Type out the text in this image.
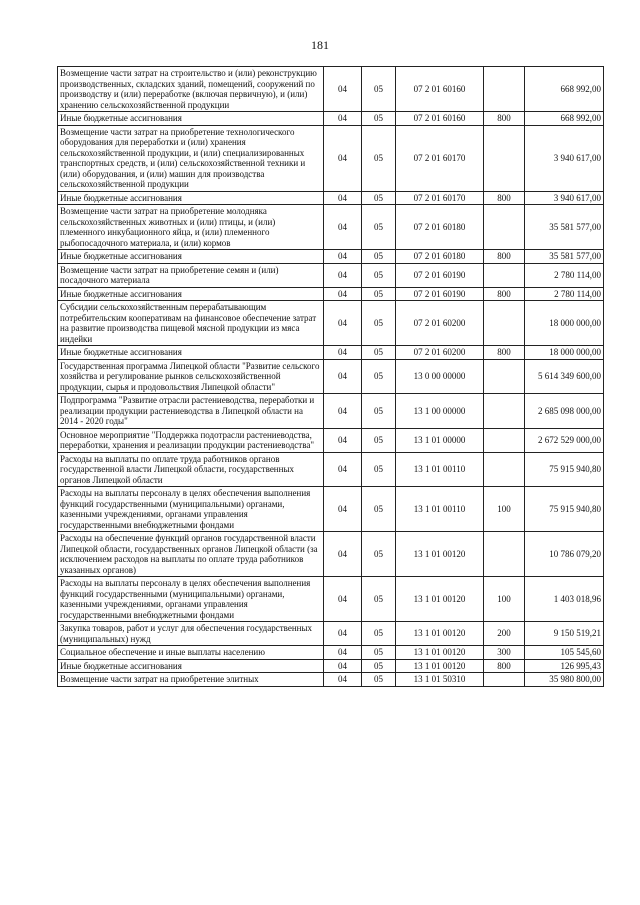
181
Возмещение части затрат на строительство и (или) реконструкцию производственных, складских зданий, помещений, сооружений по производству и (или) переработке (включая первичную), и (или) хранению сельскохозяйственной продукции	04	05	07 2 01 60160		668 992,00
Иные бюджетные ассигнования	04	05	07 2 01 60160	800	668 992,00
Возмещение части затрат на приобретение технологического оборудования для переработки и (или) хранения сельскохозяйственной продукции, и (или) специализированных транспортных средств, и (или) сельскохозяйственной техники и (или) оборудования, и (или) машин для производства сельскохозяйственной продукции	04	05	07 2 01 60170		3 940 617,00
Иные бюджетные ассигнования	04	05	07 2 01 60170	800	3 940 617,00
Возмещение части затрат на приобретение молодняка сельскохозяйственных животных и (или) птицы, и (или) племенного инкубационного яйца, и (или) племенного рыбопосадочного материала, и (или) кормов	04	05	07 2 01 60180		35 581 577,00
Иные бюджетные ассигнования	04	05	07 2 01 60180	800	35 581 577,00
Возмещение части затрат на приобретение семян и (или) посадочного материала	04	05	07 2 01 60190		2 780 114,00
Иные бюджетные ассигнования	04	05	07 2 01 60190	800	2 780 114,00
Субсидии сельскохозяйственным перерабатывающим потребительским кооперативам на финансовое обеспечение затрат на развитие производства пищевой мясной продукции из мяса индейки	04	05	07 2 01 60200		18 000 000,00
Иные бюджетные ассигнования	04	05	07 2 01 60200	800	18 000 000,00
Государственная программа Липецкой области "Развитие сельского хозяйства и регулирование рынков сельскохозяйственной продукции, сырья и продовольствия Липецкой области"	04	05	13 0 00 00000		5 614 349 600,00
Подпрограмма "Развитие отрасли растениеводства, переработки и реализации продукции растениеводства в Липецкой области на 2014 - 2020 годы"	04	05	13 1 00 00000		2 685 098 000,00
Основное мероприятие "Поддержка подотрасли растениеводства, переработки, хранения и реализации продукции растениеводства"	04	05	13 1 01 00000		2 672 529 000,00
Расходы на выплаты по оплате труда работников органов государственной власти Липецкой области, государственных органов Липецкой области	04	05	13 1 01 00110		75 915 940,80
Расходы на выплаты персоналу в целях обеспечения выполнения функций государственными (муниципальными) органами, казенными учреждениями, органами управления государственными внебюджетными фондами	04	05	13 1 01 00110	100	75 915 940,80
Расходы на обеспечение функций органов государственной власти Липецкой области, государственных органов Липецкой области (за исключением расходов на выплаты по оплате труда работников указанных органов)	04	05	13 1 01 00120		10 786 079,20
Расходы на выплаты персоналу в целях обеспечения выполнения функций государственными (муниципальными) органами, казенными учреждениями, органами управления государственными внебюджетными фондами	04	05	13 1 01 00120	100	1 403 018,96
Закупка товаров, работ и услуг для обеспечения государственных (муниципальных) нужд	04	05	13 1 01 00120	200	9 150 519,21
Социальное обеспечение и иные выплаты населению	04	05	13 1 01 00120	300	105 545,60
Иные бюджетные ассигнования	04	05	13 1 01 00120	800	126 995,43
Возмещение части затрат на приобретение элитных	04	05	13 1 01 50310		35 980 800,00
